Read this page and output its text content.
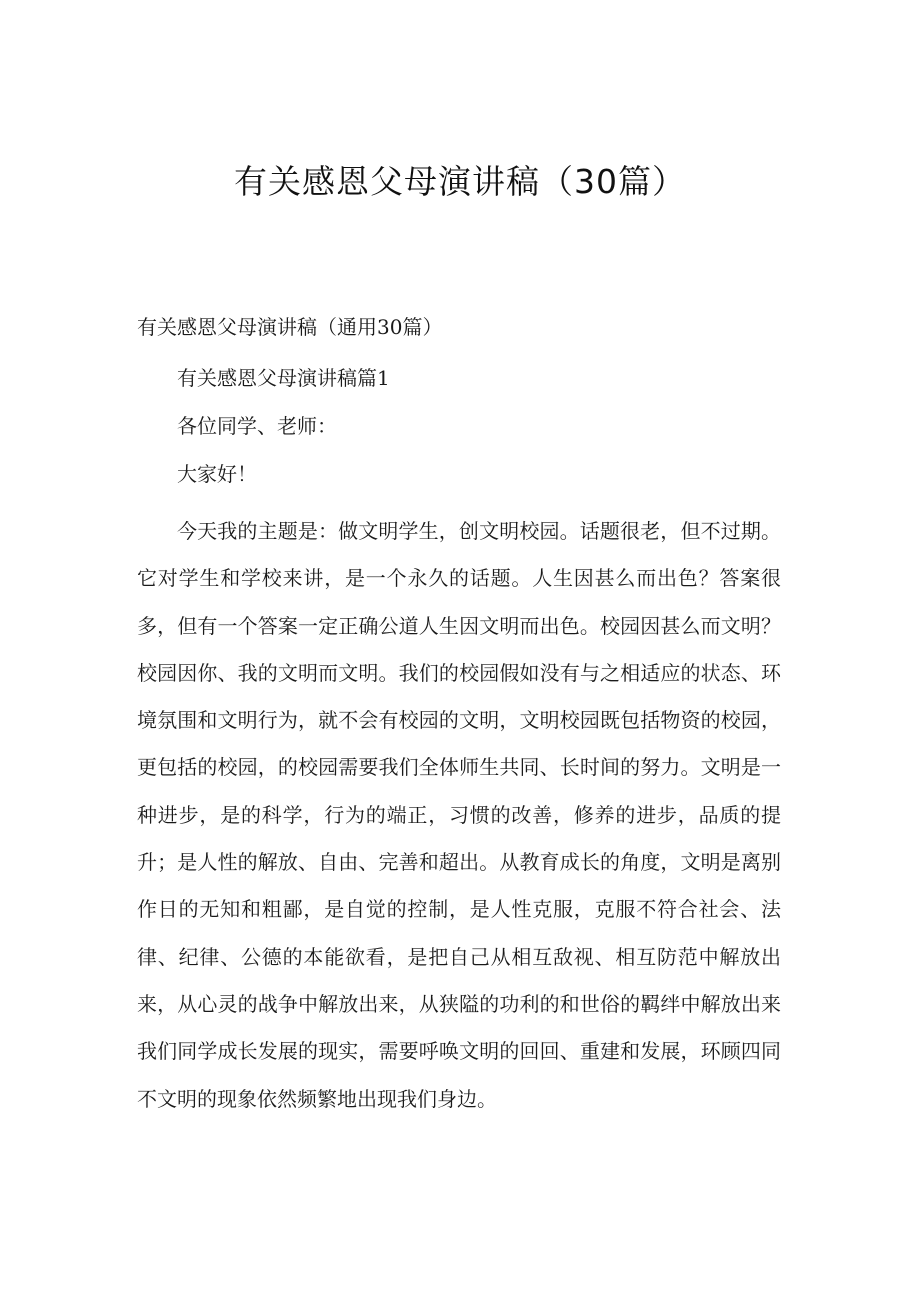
有关感恩父母演讲稿（30篇）

有关感恩父母演讲稿（通用30篇）

有关感恩父母演讲稿篇1

各位同学、老师：

大家好！

今天我的主题是：做文明学生，创文明校园。话题很老，但不过期。它对学生和学校来讲，是一个永久的话题。人生因甚么而出色？答案很多，但有一个答案一定正确公道人生因文明而出色。校园因甚么而文明？校园因你、我的文明而文明。我们的校园假如没有与之相适应的状态、环境氛围和文明行为，就不会有校园的文明，文明校园既包括物资的校园，更包括的校园，的校园需要我们全体师生共同、长时间的努力。文明是一种进步，是的科学，行为的端正，习惯的改善，修养的进步，品质的提升；是人性的解放、自由、完善和超出。从教育成长的角度，文明是离别作日的无知和粗鄙，是自觉的控制，是人性克服，克服不符合社会、法律、纪律、公德的本能欲看，是把自己从相互敌视、相互防范中解放出来，从心灵的战争中解放出来，从狭隘的功利的和世俗的羁绊中解放出来我们同学成长发展的现实，需要呼唤文明的回回、重建和发展，环顾四同不文明的现象依然频繁地出现我们身边。
